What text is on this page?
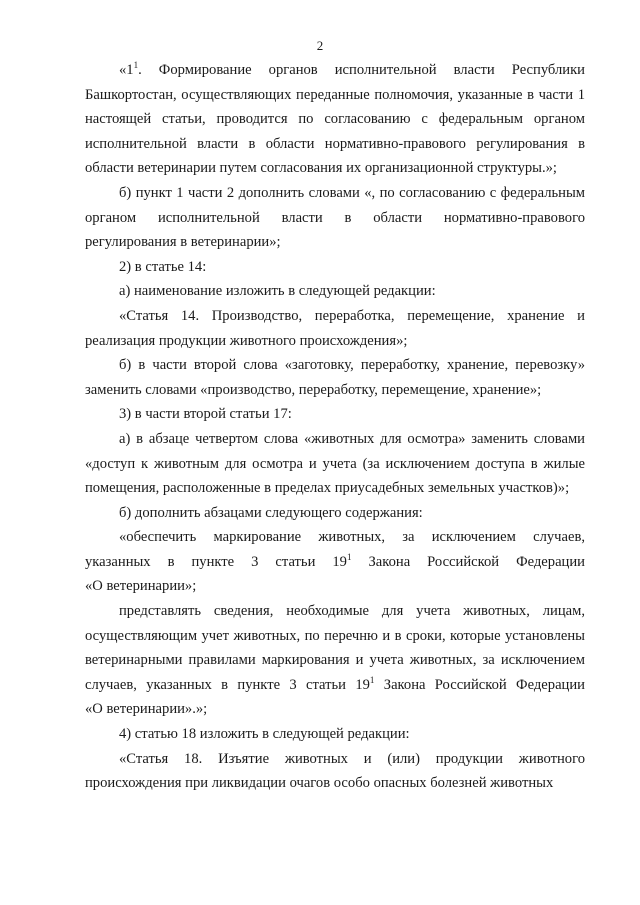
2

«$1^1$. Формирование органов исполнительной власти Республики

Башкортостан, осуществляющих переданные полномочия, указанные в части 1

настоящей статьи, проводится по согласованию с федеральным органом

исполнительной власти в области нормативно-правового регулирования в

области ветеринарии путем согласования их организационной структуры.»;

б) пункт 1 части 2 дополнить словами «, по согласованию с федеральным

органом исполнительной власти в области нормативно-правового

регулирования в ветеринарии»;

2) в статье 14:

а) наименование изложить в следующей редакции:

«Статья 14. Производство, переработка, перемещение, хранение и

реализация продукции животного происхождения»;

б) в части второй слова «заготовку, переработку, хранение, перевозку»

заменить словами «производство, переработку, перемещение, хранение»;

3) в части второй статьи 17:

а) в абзаце четвертом слова «животных для осмотра» заменить словами

«доступ к животным для осмотра и учета (за исключением доступа в жилые

помещения, расположенные в пределах приусадебных земельных участков)»;

б) дополнить абзацами следующего содержания:

«обеспечить маркирование животных, за исключением случаев,

указанных в пункте 3 статьи $19^1$ Закона Российской Федерации

«О ветеринарии»;

представлять сведения, необходимые для учета животных, лицам,

осуществляющим учет животных, по перечню и в сроки, которые установлены

ветеринарными правилами маркирования и учета животных, за исключением

случаев, указанных в пункте 3 статьи $19^1$ Закона Российской Федерации

«О ветеринарии».»;

4) статью 18 изложить в следующей редакции:

«Статья 18. Изъятие животных и (или) продукции животного

происхождения при ликвидации очагов особо опасных болезней животных
